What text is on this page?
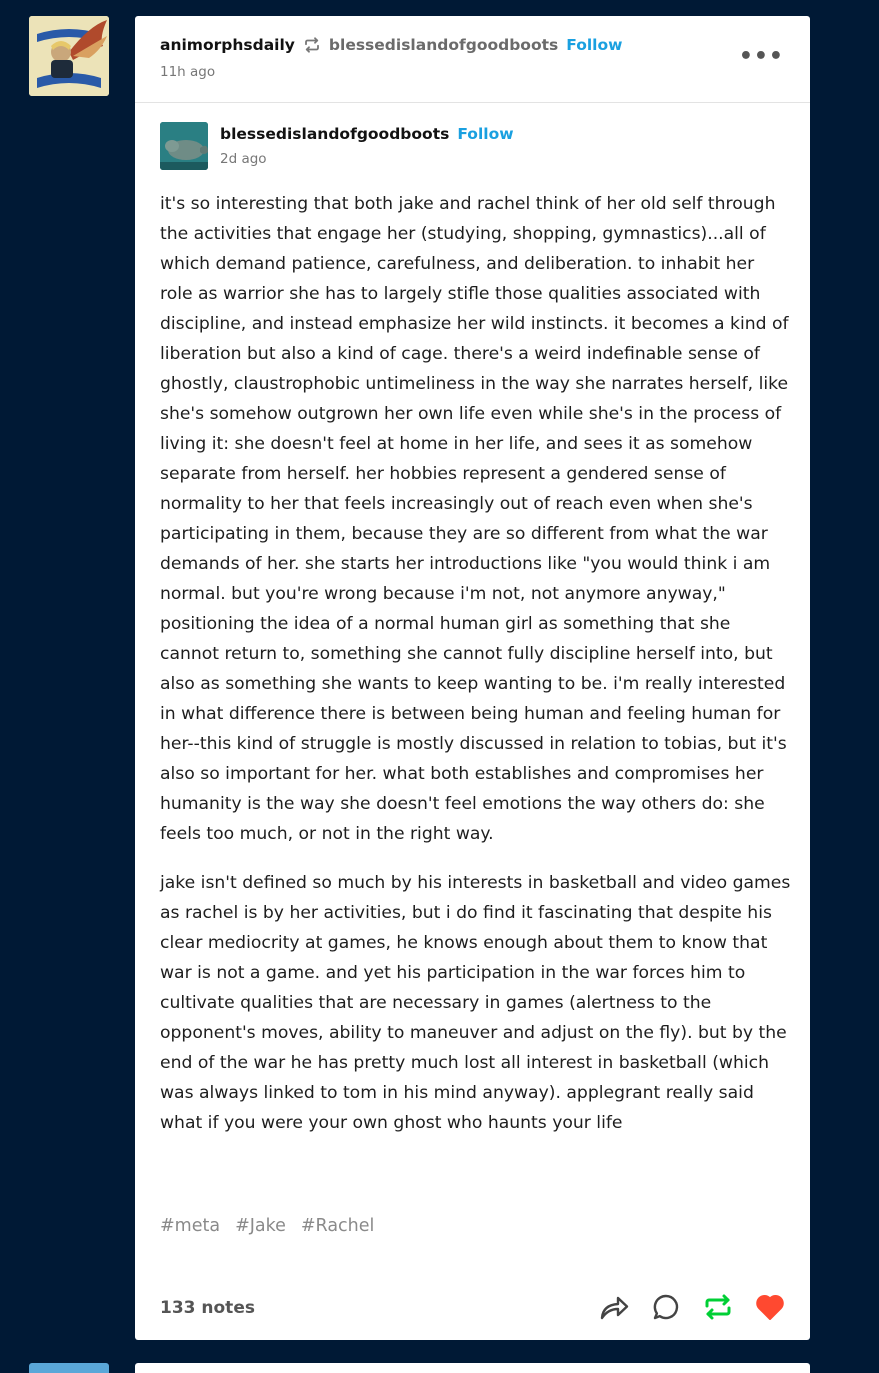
animorphsdaily blessedislandofgoodboots Follow
11h ago
•••
blessedislandofgoodboots Follow
2d ago

it's so interesting that both jake and rachel think of her old self through the activities that engage her (studying, shopping, gymnastics)...all of which demand patience, carefulness, and deliberation. to inhabit her role as warrior she has to largely stifle those qualities associated with discipline, and instead emphasize her wild instincts. it becomes a kind of liberation but also a kind of cage. there's a weird indefinable sense of ghostly, claustrophobic untimeliness in the way she narrates herself, like she's somehow outgrown her own life even while she's in the process of living it: she doesn't feel at home in her life, and sees it as somehow separate from herself. her hobbies represent a gendered sense of normality to her that feels increasingly out of reach even when she's participating in them, because they are so different from what the war demands of her. she starts her introductions like "you would think i am normal. but you're wrong because i'm not, not anymore anyway," positioning the idea of a normal human girl as something that she cannot return to, something she cannot fully discipline herself into, but also as something she wants to keep wanting to be. i'm really interested in what difference there is between being human and feeling human for her--this kind of struggle is mostly discussed in relation to tobias, but it's also so important for her. what both establishes and compromises her humanity is the way she doesn't feel emotions the way others do: she feels too much, or not in the right way.

jake isn't defined so much by his interests in basketball and video games as rachel is by her activities, but i do find it fascinating that despite his clear mediocrity at games, he knows enough about them to know that war is not a game. and yet his participation in the war forces him to cultivate qualities that are necessary in games (alertness to the opponent's moves, ability to maneuver and adjust on the fly). but by the end of the war he has pretty much lost all interest in basketball (which was always linked to tom in his mind anyway). applegrant really said what if you were your own ghost who haunts your life

#meta #Jake #Rachel
133 notes
